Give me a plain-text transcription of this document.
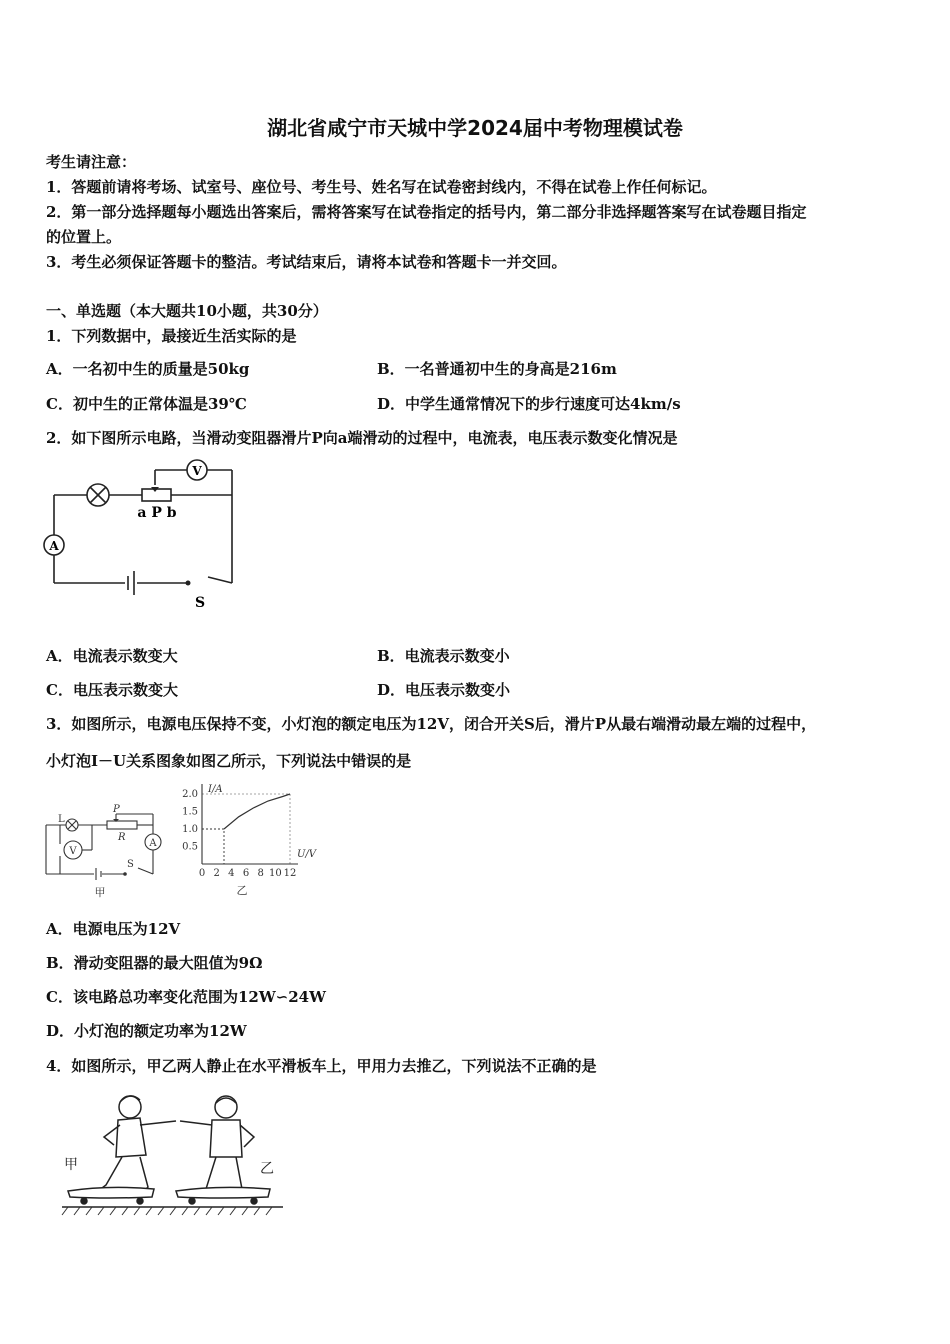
湖北省咸宁市天城中学2024届中考物理模试卷
考生请注意：
1．答题前请将考场、试室号、座位号、考生号、姓名写在试卷密封线内，不得在试卷上作任何标记。
2．第一部分选择题每小题选出答案后，需将答案写在试卷指定的括号内，第二部分非选择题答案写在试卷题目指定
的位置上。
3．考生必须保证答题卡的整洁。考试结束后，请将本试卷和答题卡一并交回。
一、单选题（本大题共10小题，共30分）
1．下列数据中，最接近生活实际的是
A．一名初中生的质量是50kg	B．一名普通初中生的身高是216m
C．初中生的正常体温是39℃	D．中学生通常情况下的步行速度可达4km/s
2．如下图所示电路，当滑动变阻器滑片P向a端滑动的过程中，电流表，电压表示数变化情况是
V
A
a P b
S
A．电流表示数变大	B．电流表示数变小
C．电压表示数变大	D．电压表示数变小
3．如图所示，电源电压保持不变，小灯泡的额定电压为12V，闭合开关S后，滑片P从最右端滑动最左端的过程中，
小灯泡I－U关系图象如图乙所示，下列说法中错误的是
V
A
L
P
R
S
甲
2.0
1.5
1.0
0.5
0 2 4 6 8 10 12
I/A
U/V
乙
A．电源电压为12V
B．滑动变阻器的最大阻值为9Ω
C．该电路总功率变化范围为12W∽24W
D．小灯泡的额定功率为12W
4．如图所示，甲乙两人静止在水平滑板车上，甲用力去推乙，下列说法不正确的是
甲	乙
